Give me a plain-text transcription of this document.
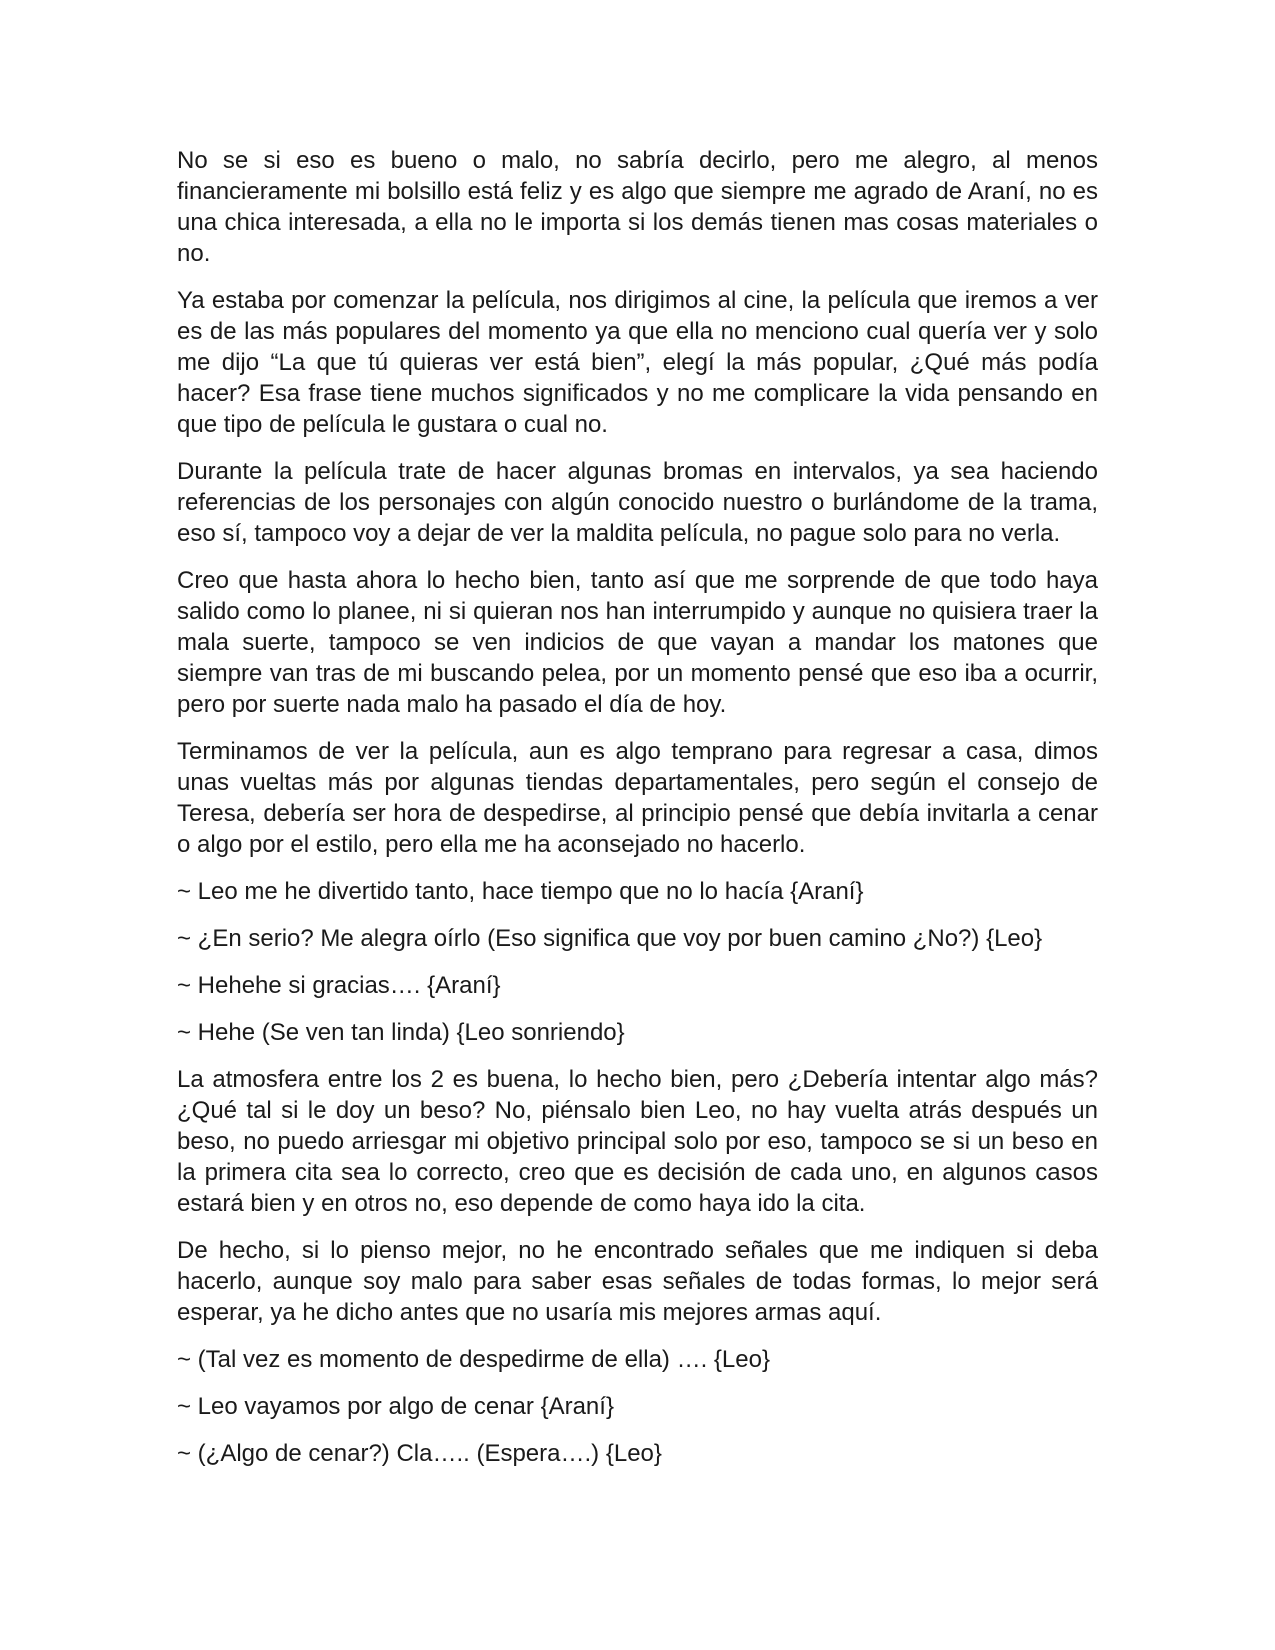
No se si eso es bueno o malo, no sabría decirlo, pero me alegro, al menos financieramente mi bolsillo está feliz y es algo que siempre me agrado de Araní, no es una chica interesada, a ella no le importa si los demás tienen mas cosas materiales o no.

Ya estaba por comenzar la película, nos dirigimos al cine, la película que iremos a ver es de las más populares del momento ya que ella no menciono cual quería ver y solo me dijo “La que tú quieras ver está bien”, elegí la más popular, ¿Qué más podía hacer? Esa frase tiene muchos significados y no me complicare la vida pensando en que tipo de película le gustara o cual no.

Durante la película trate de hacer algunas bromas en intervalos, ya sea haciendo referencias de los personajes con algún conocido nuestro o burlándome de la trama, eso sí, tampoco voy a dejar de ver la maldita película, no pague solo para no verla.

Creo que hasta ahora lo hecho bien, tanto así que me sorprende de que todo haya salido como lo planee, ni si quieran nos han interrumpido y aunque no quisiera traer la mala suerte, tampoco se ven indicios de que vayan a mandar los matones que siempre van tras de mi buscando pelea, por un momento pensé que eso iba a ocurrir, pero por suerte nada malo ha pasado el día de hoy.

Terminamos de ver la película, aun es algo temprano para regresar a casa, dimos unas vueltas más por algunas tiendas departamentales, pero según el consejo de Teresa, debería ser hora de despedirse, al principio pensé que debía invitarla a cenar o algo por el estilo, pero ella me ha aconsejado no hacerlo.

~ Leo me he divertido tanto, hace tiempo que no lo hacía {Araní}

~ ¿En serio? Me alegra oírlo (Eso significa que voy por buen camino ¿No?) {Leo}

~ Hehehe si gracias…. {Araní}

~ Hehe (Se ven tan linda) {Leo sonriendo}

La atmosfera entre los 2 es buena, lo hecho bien, pero ¿Debería intentar algo más? ¿Qué tal si le doy un beso? No, piénsalo bien Leo, no hay vuelta atrás después un beso, no puedo arriesgar mi objetivo principal solo por eso, tampoco se si un beso en la primera cita sea lo correcto, creo que es decisión de cada uno, en algunos casos estará bien y en otros no, eso depende de como haya ido la cita.

De hecho, si lo pienso mejor, no he encontrado señales que me indiquen si deba hacerlo, aunque soy malo para saber esas señales de todas formas, lo mejor será esperar, ya he dicho antes que no usaría mis mejores armas aquí.

~ (Tal vez es momento de despedirme de ella) …. {Leo}

~ Leo vayamos por algo de cenar {Araní}

~ (¿Algo de cenar?) Cla….. (Espera….) {Leo}
